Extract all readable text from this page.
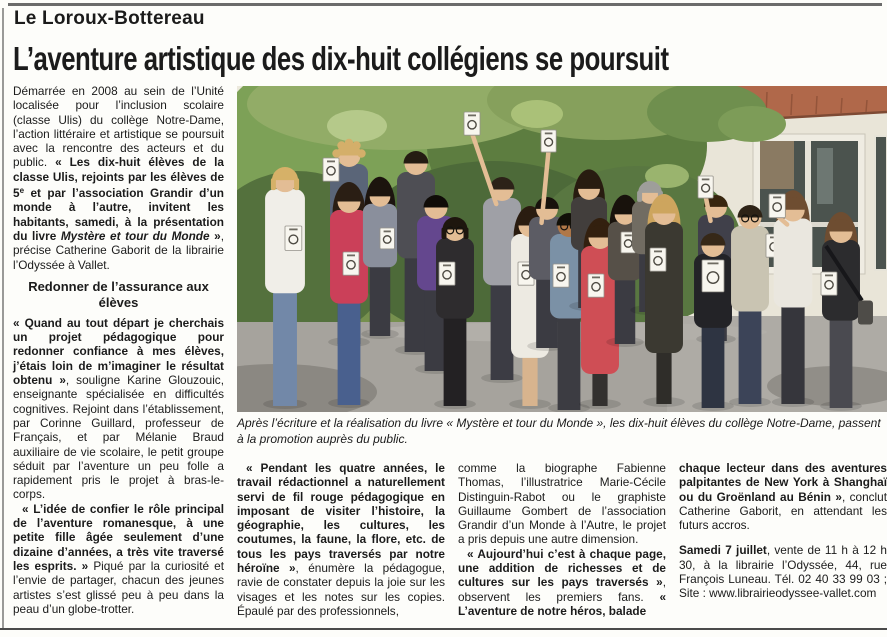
Le Loroux-Bottereau
L’aventure artistique des dix-huit collégiens se poursuit

Démarrée en 2008 au sein de l’Unité localisée pour l’inclusion scolaire (classe Ulis) du collège Notre-Dame, l’action littéraire et artistique se poursuit avec la rencontre des acteurs et du public. « Les dix-huit élèves de la classe Ulis, rejoints par les élèves de 5e et par l’association Grandir d’un monde à l’autre, invitent les habitants, samedi, à la présentation du livre Mystère et tour du Monde », précise Catherine Gaborit de la librairie l’Odyssée à Vallet.

Redonner de l’assurance aux élèves

« Quand au tout départ je cherchais un projet pédagogique pour redonner confiance à mes élèves, j’étais loin de m’imaginer le résultat obtenu », souligne Karine Glouzouic, enseignante spécialisée en difficultés cognitives. Rejoint dans l’établissement, par Corinne Guillard, professeur de Français, et par Mélanie Braud auxiliaire de vie scolaire, le petit groupe séduit par l’aventure un peu folle a rapidement pris le projet à bras-le-corps.

« L’idée de confier le rôle principal de l’aventure romanesque, à une petite fille âgée seulement d’une dizaine d’années, a très vite traversé les esprits. » Piqué par la curiosité et l’envie de partager, chacun des jeunes artistes s’est glissé peu à peu dans la peau d’un globe-trotter.

Après l’écriture et la réalisation du livre « Mystère et tour du Monde », les dix-huit élèves du collège Notre-Dame, passent à la promotion auprès du public.

« Pendant les quatre années, le travail rédactionnel a naturellement servi de fil rouge pédagogique en imposant de visiter l’histoire, la géographie, les cultures, les coutumes, la faune, la flore, etc. de tous les pays traversés par notre héroïne », énumère la pédagogue, ravie de constater depuis la joie sur les visages et les notes sur les copies. Épaulé par des professionnels,

comme la biographe Fabienne Thomas, l’illustratrice Marie-Cécile Distinguin-Rabot ou le graphiste Guillaume Gombert de l’association Grandir d’un Monde à l’Autre, le projet a pris depuis une autre dimension.

« Aujourd’hui c’est à chaque page, une addition de richesses et de cultures sur les pays traversés », observent les premiers fans. « L’aventure de notre héros, balade

chaque lecteur dans des aventures palpitantes de New York à Shanghaï ou du Groënland au Bénin », conclut Catherine Gaborit, en attendant les futurs accros.

Samedi 7 juillet, vente de 11 h à 12 h 30, à la librairie l’Odyssée, 44, rue François Luneau. Tél. 02 40 33 99 03 ; Site : www.librairieodyssee-vallet.com
